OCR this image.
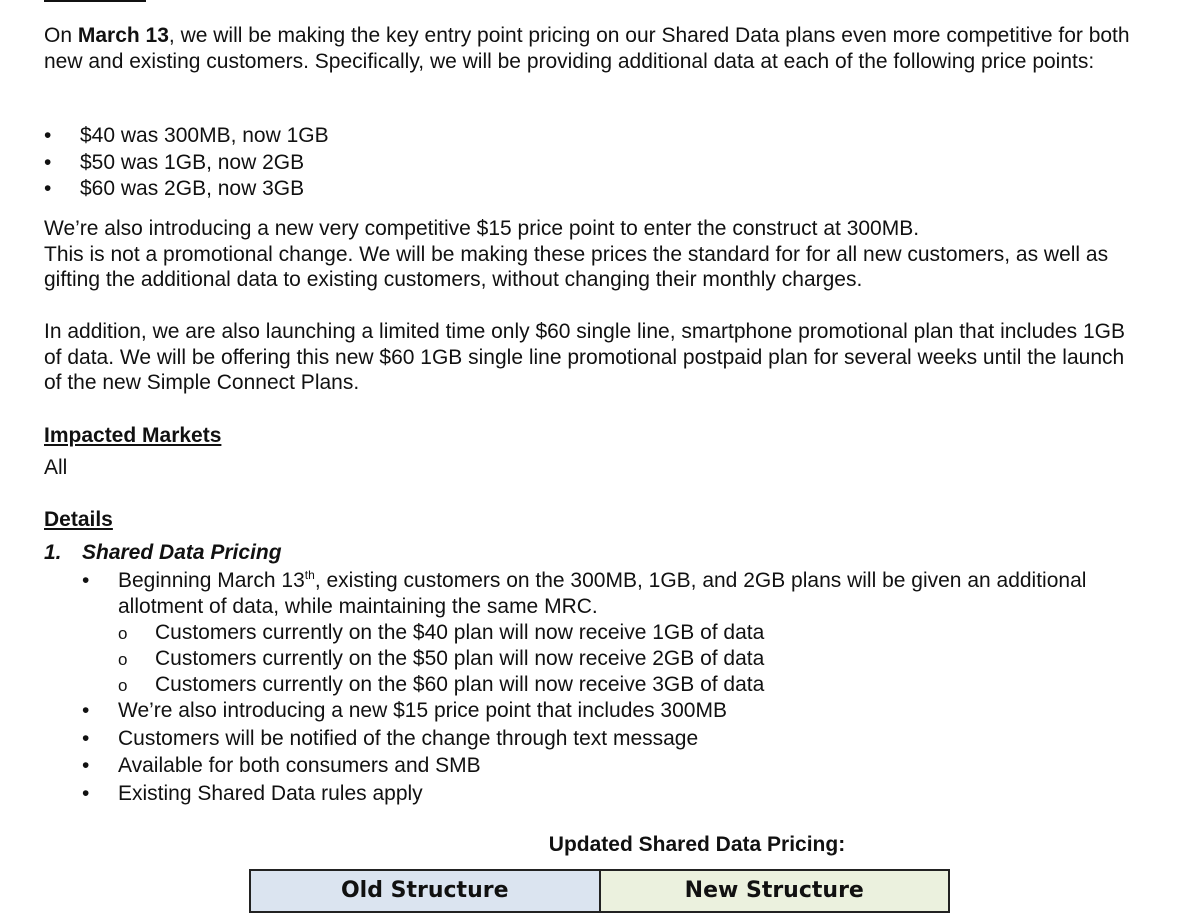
On March 13, we will be making the key entry point pricing on our Shared Data plans even more competitive for both new and existing customers. Specifically, we will be providing additional data at each of the following price points:

• $40 was 300MB, now 1GB
• $50 was 1GB, now 2GB
• $60 was 2GB, now 3GB

We’re also introducing a new very competitive $15 price point to enter the construct at 300MB.

This is not a promotional change. We will be making these prices the standard for for all new customers, as well as gifting the additional data to existing customers, without changing their monthly charges.

In addition, we are also launching a limited time only $60 single line, smartphone promotional plan that includes 1GB of data. We will be offering this new $60 1GB single line promotional postpaid plan for several weeks until the launch of the new Simple Connect Plans.

Impacted Markets
All
Details
1. Shared Data Pricing
• Beginning March 13th, existing customers on the 300MB, 1GB, and 2GB plans will be given an additional allotment of data, while maintaining the same MRC.
o Customers currently on the $40 plan will now receive 1GB of data
o Customers currently on the $50 plan will now receive 2GB of data
o Customers currently on the $60 plan will now receive 3GB of data
• We’re also introducing a new $15 price point that includes 300MB
• Customers will be notified of the change through text message
• Available for both consumers and SMB
• Existing Shared Data rules apply
Updated Shared Data Pricing:
Old Structure	New Structure
